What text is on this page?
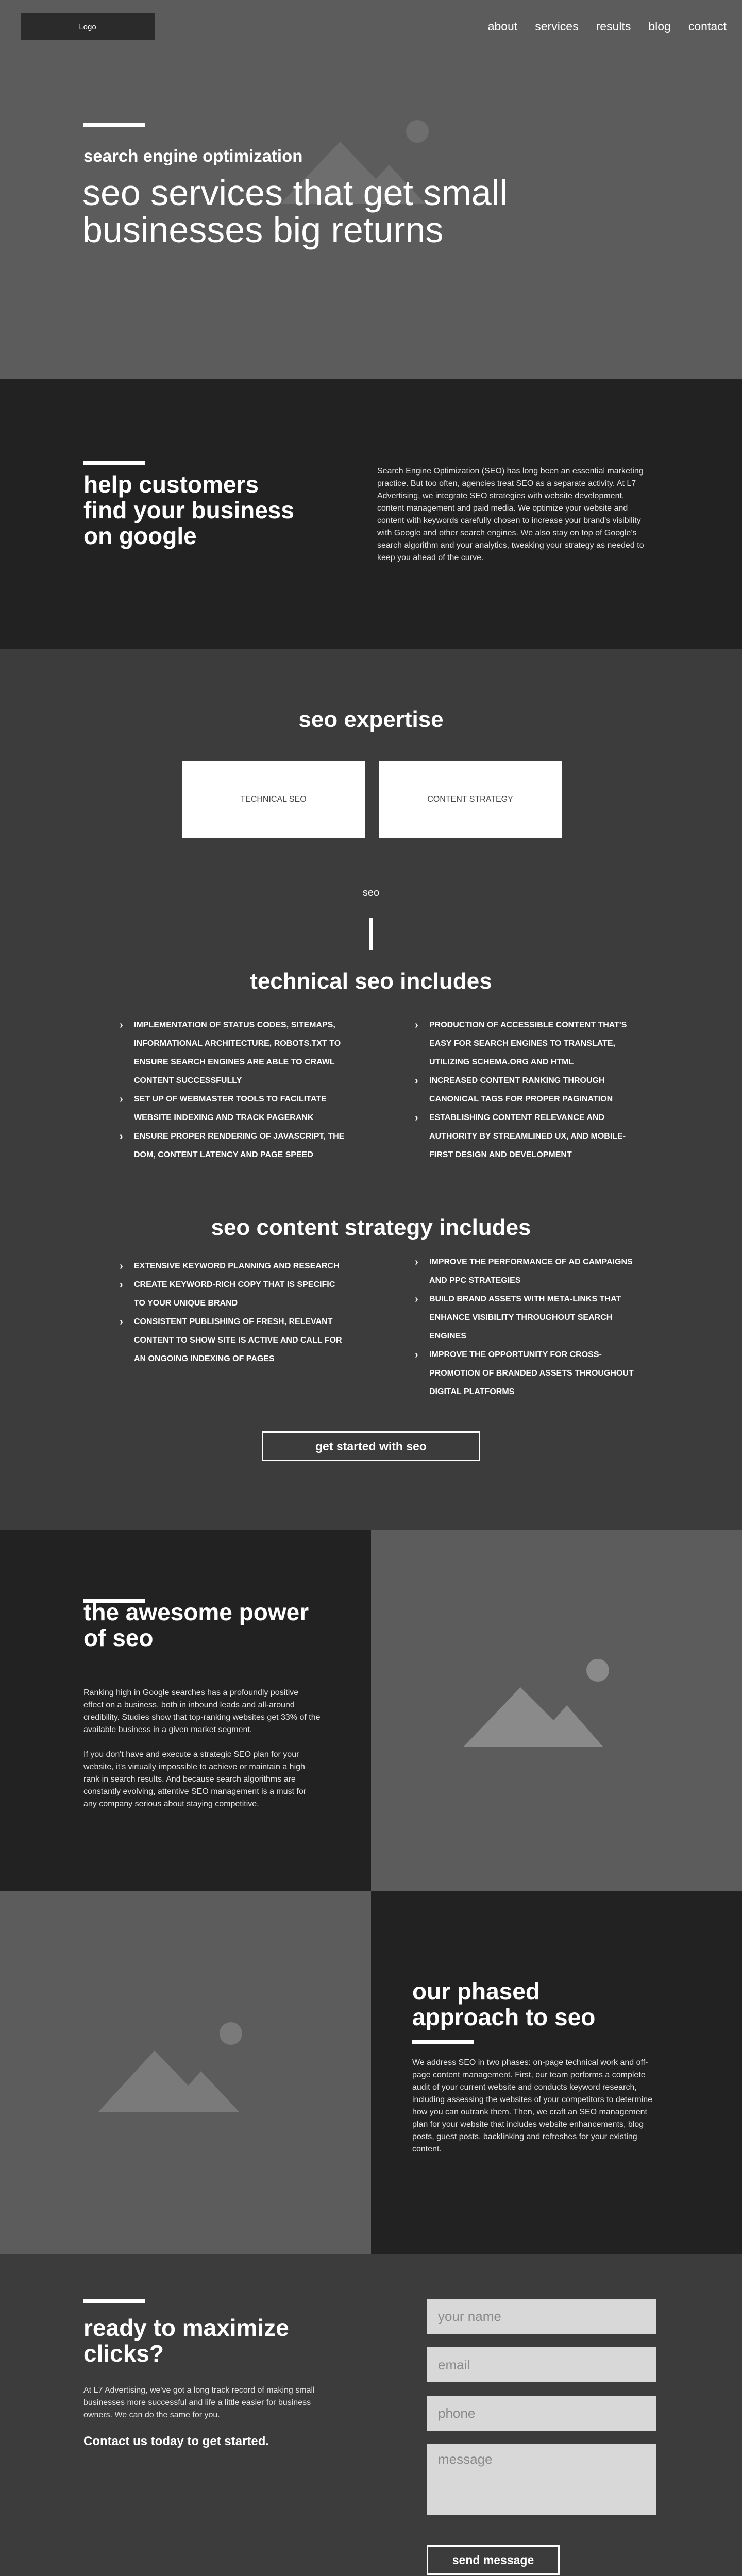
Logo	about services results blog contact
search engine optimization
seo services that get small businesses big returns
help customers find your business on google

Search Engine Optimization (SEO) has long been an essential marketing practice. But too often, agencies treat SEO as a separate activity. At L7 Advertising, we integrate SEO strategies with website development, content management and paid media. We optimize your website and content with keywords carefully chosen to increase your brand's visibility with Google and other search engines. We also stay on top of Google's search algorithm and your analytics, tweaking your strategy as needed to keep you ahead of the curve.

seo expertise
TECHNICAL SEO	CONTENT STRATEGY
seo
technical seo includes
› IMPLEMENTATION OF STATUS CODES, SITEMAPS, INFORMATIONAL ARCHITECTURE, ROBOTS.TXT TO ENSURE SEARCH ENGINES ARE ABLE TO CRAWL CONTENT SUCCESSFULLY
› SET UP OF WEBMASTER TOOLS TO FACILITATE WEBSITE INDEXING AND TRACK PAGERANK
› ENSURE PROPER RENDERING OF JAVASCRIPT, THE DOM, CONTENT LATENCY AND PAGE SPEED
› PRODUCTION OF ACCESSIBLE CONTENT THAT'S EASY FOR SEARCH ENGINES TO TRANSLATE, UTILIZING SCHEMA.ORG AND HTML
› INCREASED CONTENT RANKING THROUGH CANONICAL TAGS FOR PROPER PAGINATION
› ESTABLISHING CONTENT RELEVANCE AND AUTHORITY BY STREAMLINED UX, AND MOBILE-FIRST DESIGN AND DEVELOPMENT
seo content strategy includes
› EXTENSIVE KEYWORD PLANNING AND RESEARCH
› CREATE KEYWORD-RICH COPY THAT IS SPECIFIC TO YOUR UNIQUE BRAND
› CONSISTENT PUBLISHING OF FRESH, RELEVANT CONTENT TO SHOW SITE IS ACTIVE AND CALL FOR AN ONGOING INDEXING OF PAGES
› IMPROVE THE PERFORMANCE OF AD CAMPAIGNS AND PPC STRATEGIES
› BUILD BRAND ASSETS WITH META-LINKS THAT ENHANCE VISIBILITY THROUGHOUT SEARCH ENGINES
› IMPROVE THE OPPORTUNITY FOR CROSS-PROMOTION OF BRANDED ASSETS THROUGHOUT DIGITAL PLATFORMS
get started with seo
the awesome power of seo

Ranking high in Google searches has a profoundly positive effect on a business, both in inbound leads and all-around credibility. Studies show that top-ranking websites get 33% of the available business in a given market segment.

If you don't have and execute a strategic SEO plan for your website, it's virtually impossible to achieve or maintain a high rank in search results. And because search algorithms are constantly evolving, attentive SEO management is a must for any company serious about staying competitive.

our phased approach to seo

We address SEO in two phases: on-page technical work and off-page content management. First, our team performs a complete audit of your current website and conducts keyword research, including assessing the websites of your competitors to determine how you can outrank them. Then, we craft an SEO management plan for your website that includes website enhancements, blog posts, guest posts, backlinking and refreshes for your existing content.

ready to maximize clicks?

At L7 Advertising, we've got a long track record of making small businesses more successful and life a little easier for business owners. We can do the same for you.

Contact us today to get started.
your name
email
phone
message
send message
